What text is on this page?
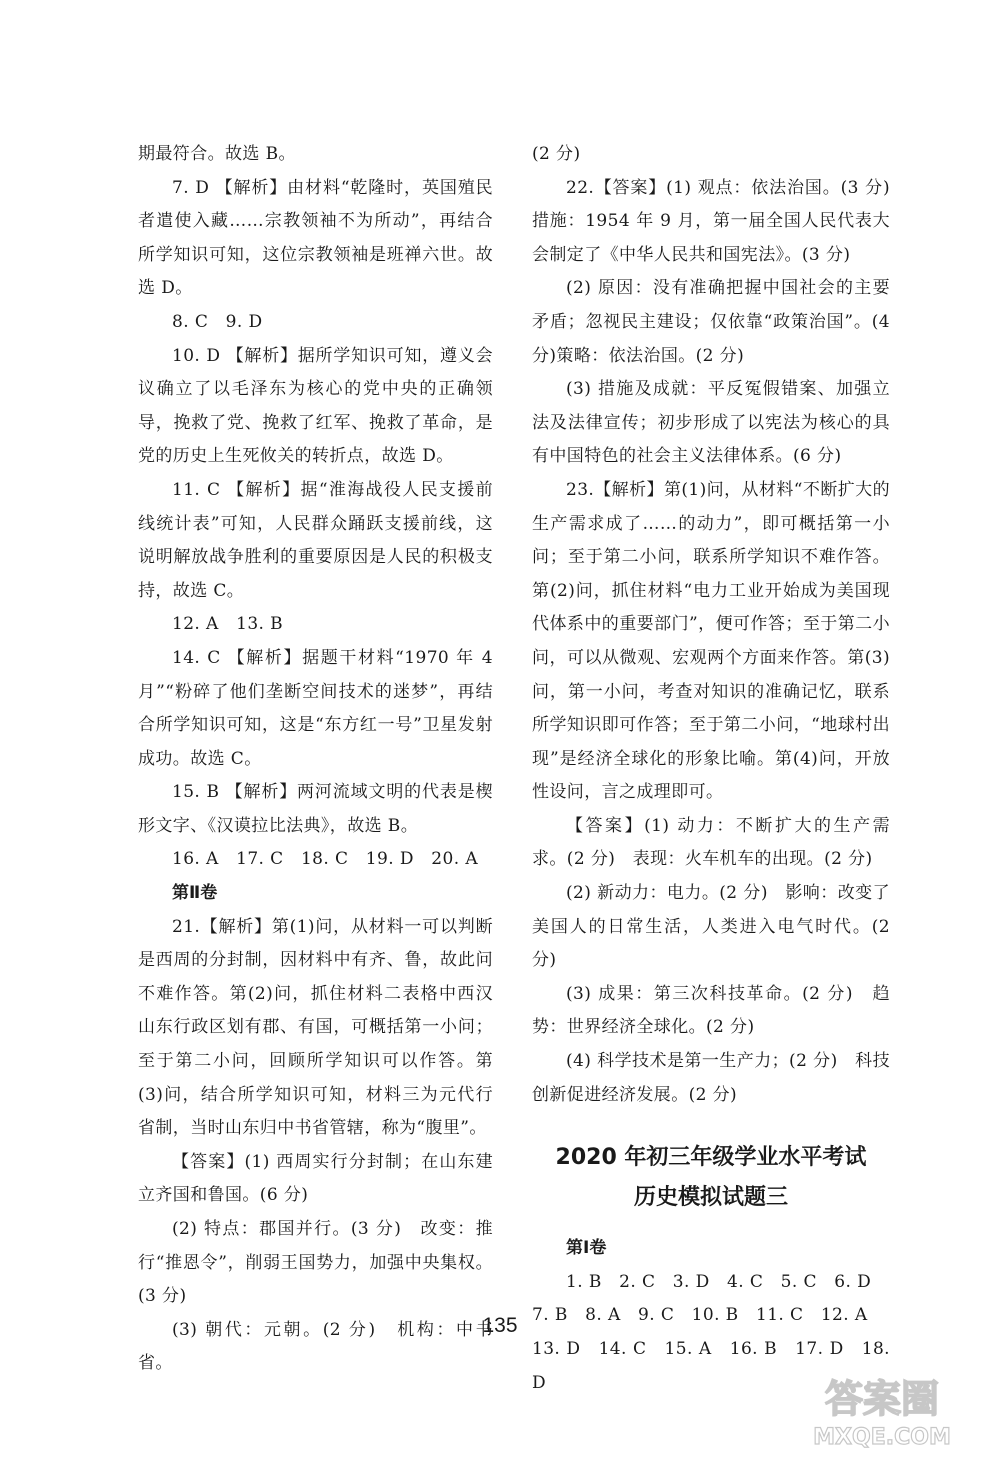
期最符合。故选 B。

7. D 【解析】由材料“乾隆时，英国殖民者遣使入藏……宗教领袖不为所动”，再结合所学知识可知，这位宗教领袖是班禅六世。故选 D。

8. C　9. D

10. D 【解析】据所学知识可知，遵义会议确立了以毛泽东为核心的党中央的正确领导，挽救了党、挽救了红军、挽救了革命，是党的历史上生死攸关的转折点，故选 D。

11. C 【解析】据“淮海战役人民支援前线统计表”可知，人民群众踊跃支援前线，这说明解放战争胜利的重要原因是人民的积极支持，故选 C。

12. A　13. B

14. C 【解析】据题干材料“1970 年 4 月”“粉碎了他们垄断空间技术的迷梦”，再结合所学知识可知，这是“东方红一号”卫星发射成功。故选 C。

15. B 【解析】两河流域文明的代表是楔形文字、《汉谟拉比法典》，故选 B。

16. A　17. C　18. C　19. D　20. A

第Ⅱ卷

21.【解析】第(1)问，从材料一可以判断是西周的分封制，因材料中有齐、鲁，故此问不难作答。第(2)问，抓住材料二表格中西汉山东行政区划有郡、有国，可概括第一小问；至于第二小问，回顾所学知识可以作答。第(3)问，结合所学知识可知，材料三为元代行省制，当时山东归中书省管辖，称为“腹里”。

【答案】(1) 西周实行分封制；在山东建立齐国和鲁国。(6 分)

(2) 特点：郡国并行。(3 分)　改变：推行“推恩令”，削弱王国势力，加强中央集权。(3 分)

(3) 朝代：元朝。(2 分)　机构：中书省。

(2 分)

22.【答案】(1) 观点：依法治国。(3 分)措施：1954 年 9 月，第一届全国人民代表大会制定了《中华人民共和国宪法》。(3 分)

(2) 原因：没有准确把握中国社会的主要矛盾；忽视民主建设；仅依靠“政策治国”。(4 分)策略：依法治国。(2 分)

(3) 措施及成就：平反冤假错案、加强立法及法律宣传；初步形成了以宪法为核心的具有中国特色的社会主义法律体系。(6 分)

23.【解析】第(1)问，从材料“不断扩大的生产需求成了……的动力”，即可概括第一小问；至于第二小问，联系所学知识不难作答。第(2)问，抓住材料“电力工业开始成为美国现代体系中的重要部门”，便可作答；至于第二小问，可以从微观、宏观两个方面来作答。第(3)问，第一小问，考查对知识的准确记忆，联系所学知识即可作答；至于第二小问，“地球村出现”是经济全球化的形象比喻。第(4)问，开放性设问，言之成理即可。

【答案】(1) 动力：不断扩大的生产需求。(2 分)　表现：火车机车的出现。(2 分)

(2) 新动力：电力。(2 分)　影响：改变了美国人的日常生活，人类进入电气时代。(2 分)

(3) 成果：第三次科技革命。(2 分)　趋势：世界经济全球化。(2 分)

(4) 科学技术是第一生产力；(2 分)　科技创新促进经济发展。(2 分)

2020 年初三年级学业水平考试

历史模拟试题三

第Ⅰ卷

1. B　2. C　3. D　4. C　5. C　6. D

7. B　8. A　9. C　10. B　11. C　12. A

13. D　14. C　15. A　16. B　17. D　18. D

135
答案圈
MXQE.COM
